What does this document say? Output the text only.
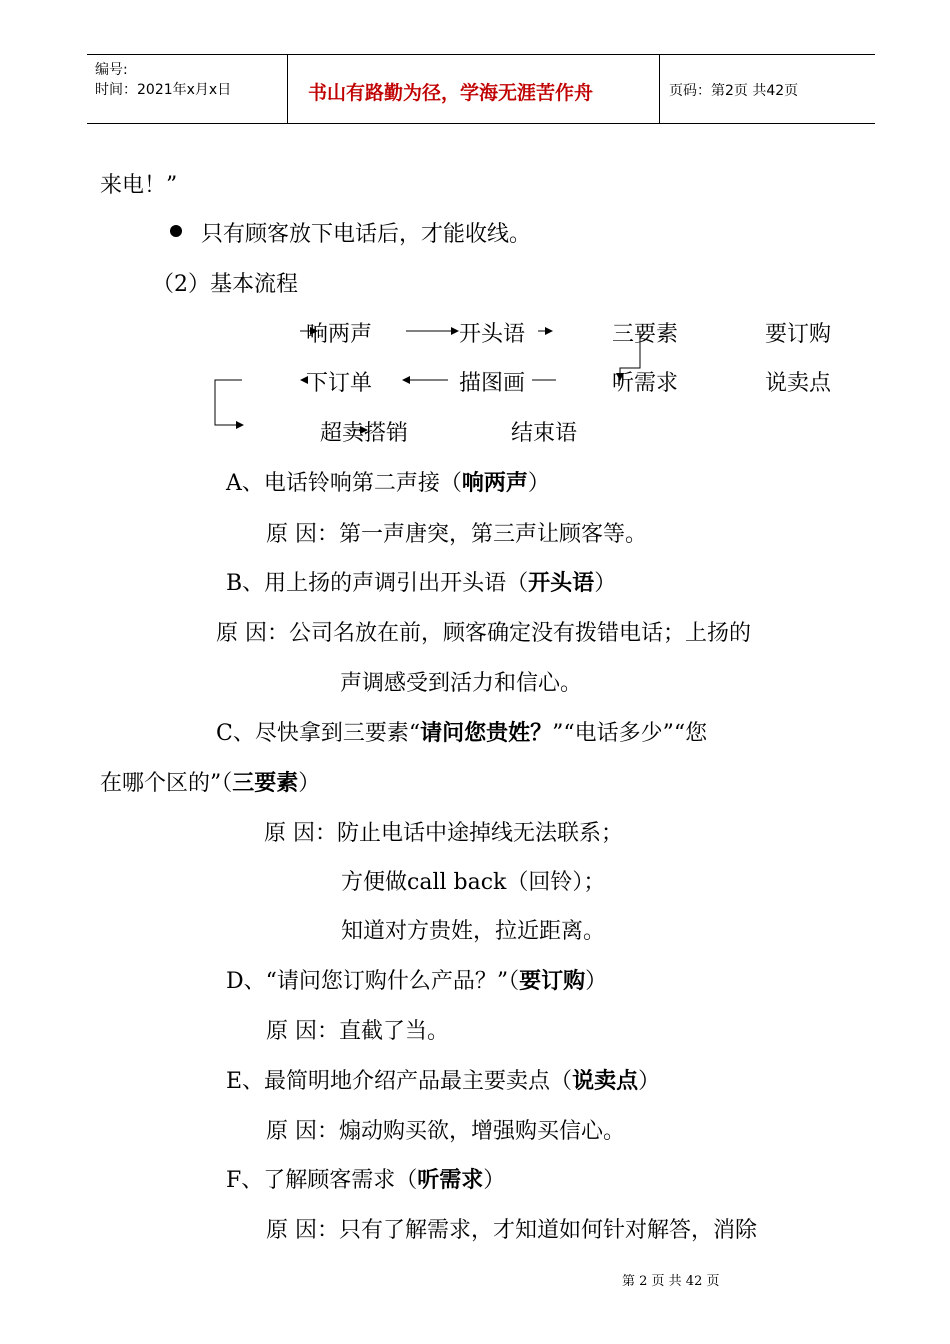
编号:
时间：2021年x月x日	书山有路勤为径，学海无涯苦作舟	页码：第2页 共42页
来电！”
只有顾客放下电话后，才能收线。
（2）基本流程
响两声	开头语	三要素	要订购
下订单	描图画	听需求	说卖点
超卖搭销	结束语
A、电话铃响第二声接（响两声）
原 因：第一声唐突，第三声让顾客等。
B、用上扬的声调引出开头语（开头语）
原 因：公司名放在前，顾客确定没有拨错电话；上扬的
声调感受到活力和信心。
C、尽快拿到三要素“请问您贵姓？”“电话多少”“您
在哪个区的”（三要素）
原 因：防止电话中途掉线无法联系；
方便做call back（回铃）；
知道对方贵姓，拉近距离。
D、“请问您订购什么产品？”（要订购）
原 因：直截了当。
E、最简明地介绍产品最主要卖点（说卖点）
原 因：煽动购买欲，增强购买信心。
F、了解顾客需求（听需求）
原 因：只有了解需求，才知道如何针对解答，消除
第 2 页 共 42 页
